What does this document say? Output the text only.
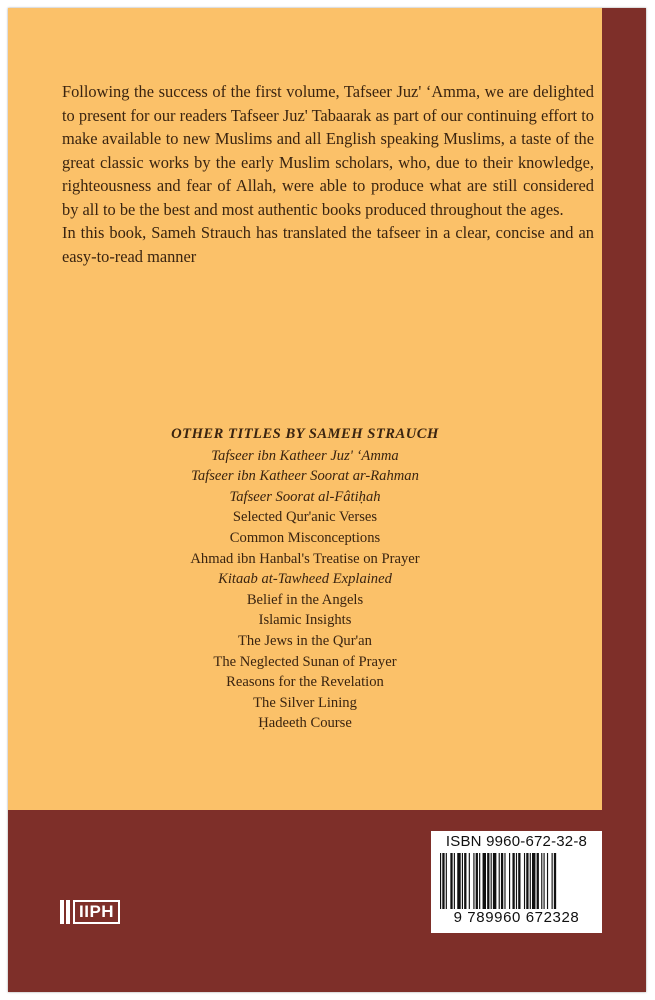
Following the success of the first volume, Tafseer Juz' ‘Amma, we are delighted to present for our readers Tafseer Juz' Tabaarak as part of our continuing effort to make available to new Muslims and all English speaking Muslims, a taste of the great classic works by the early Muslim scholars, who, due to their knowledge, righteousness and fear of Allah, were able to produce what are still considered by all to be the best and most authentic books produced throughout the ages.

In this book, Sameh Strauch has translated the tafseer in a clear, concise and an easy-to-read manner

OTHER TITLES BY SAMEH STRAUCH
Tafseer ibn Katheer Juz' ‘Amma
Tafseer ibn Katheer Soorat ar-Rahman
Tafseer Soorat al-Fâtiḥah
Selected Qur'anic Verses
Common Misconceptions
Ahmad ibn Hanbal's Treatise on Prayer
Kitaab at-Tawheed Explained
Belief in the Angels
Islamic Insights
The Jews in the Qur'an
The Neglected Sunan of Prayer
Reasons for the Revelation
The Silver Lining
Ḥadeeth Course
ISBN 9960-672-32-8
9 789960 672328
IIPH
